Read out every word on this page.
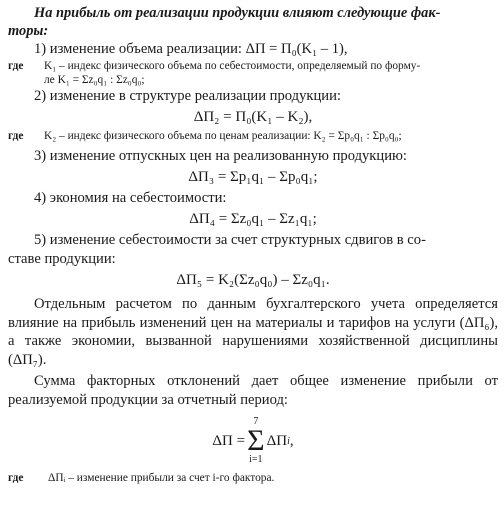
На прибыль от реализации продукции влияют следующие фак-
торы:
1) изменение объема реализации: ΔП = П₀(K₁ – 1),
где	K₁ – индекс физического объема по себестоимости, определяемый по форму-
ле K₁ = Σz₀q₁ : Σz₀q₀;
2) изменение в структуре реализации продукции:
ΔП₂ = П₀(K₁ – K₂),
где	K₂ – индекс физического объема по ценам реализации: K₂ = Σp₀q₁ : Σp₀q₀;
3) изменение отпускных цен на реализованную продукцию:
ΔП₃ = Σp₁q₁ – Σp₀q₁;
4) экономия на себестоимости:
ΔП₄ = Σz₀q₁ – Σz₁q₁;
5) изменение себестоимости за счет структурных сдвигов в со-
ставе продукции:
ΔП₅ = K₂(Σz₀q₀) – Σz₀q₁.

Отдельным расчетом по данным бухгалтерского учета определяется влияние на прибыль изменений цен на материалы и тарифов на услуги (ΔП₆), а также экономии, вызванной нарушениями хозяйственной дисциплины (ΔП₇).

Сумма факторных отклонений дает общее изменение прибыли от реализуемой продукции за отчетный период:

ΔП =
7
Σ
i=1
ΔП i ,
где	ΔПᵢ – изменение прибыли за счет i-го фактора.
